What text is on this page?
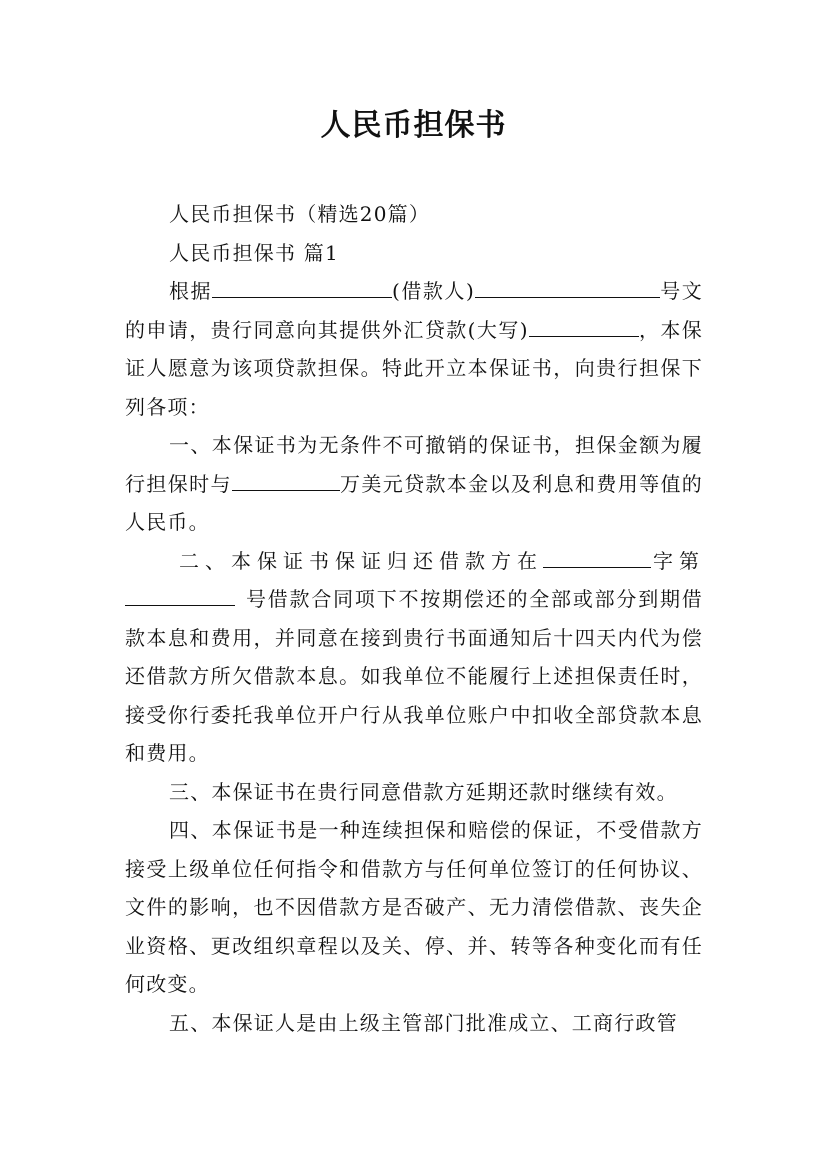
人民币担保书

人民币担保书（精选20篇）

人民币担保书 篇1

根据	(借款人)	号文的申请，贵行同意向其提供外汇贷款(大写)	，本保证人愿意为该项贷款担保。特此开立本保证书，向贵行担保下列各项：

一、本保证书为无条件不可撤销的保证书，担保金额为履行担保时与	万美元贷款本金以及利息和费用等值的人民币。

二、本保证书保证归还借款方在	字第  号借款合同项下不按期偿还的全部或部分到期借款本息和费用，并同意在接到贵行书面通知后十四天内代为偿还借款方所欠借款本息。如我单位不能履行上述担保责任时，接受你行委托我单位开户行从我单位账户中扣收全部贷款本息和费用。

三、本保证书在贵行同意借款方延期还款时继续有效。

四、本保证书是一种连续担保和赔偿的保证，不受借款方接受上级单位任何指令和借款方与任何单位签订的任何协议、文件的影响，也不因借款方是否破产、无力清偿借款、丧失企业资格、更改组织章程以及关、停、并、转等各种变化而有任何改变。

五、本保证人是由上级主管部门批准成立、工商行政管
